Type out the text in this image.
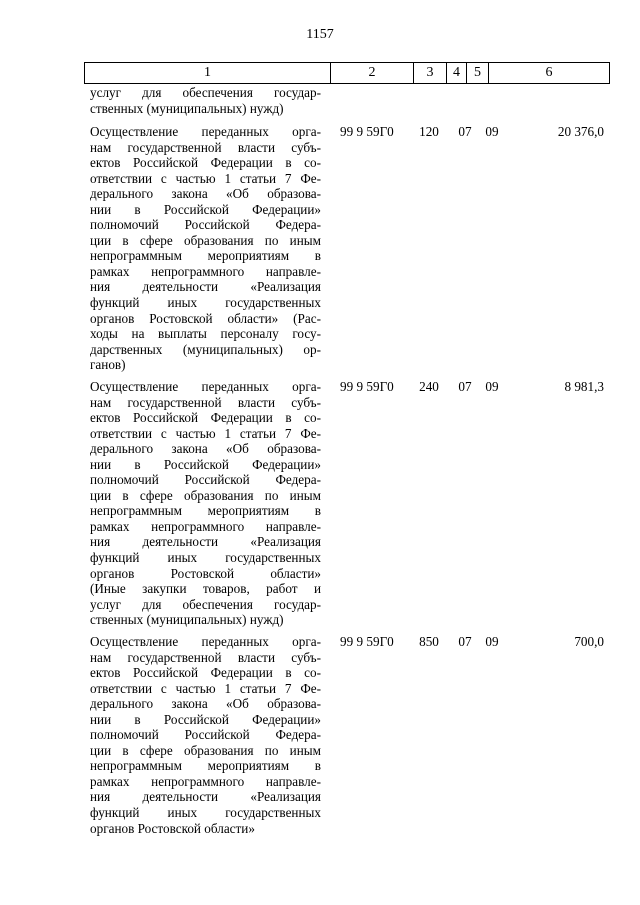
1157
1	2	3	4	5	6
услуг для обеспечения государ-
ственных (муниципальных) нужд)
Осуществление переданных орга-
нам государственной власти субъ-
ектов Российской Федерации в со-
ответствии с частью 1 статьи 7 Фе-
дерального закона «Об образова-
нии в Российской Федерации»
полномочий Российской Федера-
ции в сфере образования по иным
непрограммным мероприятиям в
рамках непрограммного направле-
ния деятельности «Реализация
функций иных государственных
органов Ростовской области» (Рас-
ходы на выплаты персоналу госу-
дарственных (муниципальных) ор-
ганов)
99 9 59Г0	120	07	09	20 376,0
Осуществление переданных орга-
нам государственной власти субъ-
ектов Российской Федерации в со-
ответствии с частью 1 статьи 7 Фе-
дерального закона «Об образова-
нии в Российской Федерации»
полномочий Российской Федера-
ции в сфере образования по иным
непрограммным мероприятиям в
рамках непрограммного направле-
ния деятельности «Реализация
функций иных государственных
органов Ростовской области»
(Иные закупки товаров, работ и
услуг для обеспечения государ-
ственных (муниципальных) нужд)
99 9 59Г0	240	07	09	8 981,3
Осуществление переданных орга-
нам государственной власти субъ-
ектов Российской Федерации в со-
ответствии с частью 1 статьи 7 Фе-
дерального закона «Об образова-
нии в Российской Федерации»
полномочий Российской Федера-
ции в сфере образования по иным
непрограммным мероприятиям в
рамках непрограммного направле-
ния деятельности «Реализация
функций иных государственных
органов Ростовской области»
99 9 59Г0	850	07	09	700,0
